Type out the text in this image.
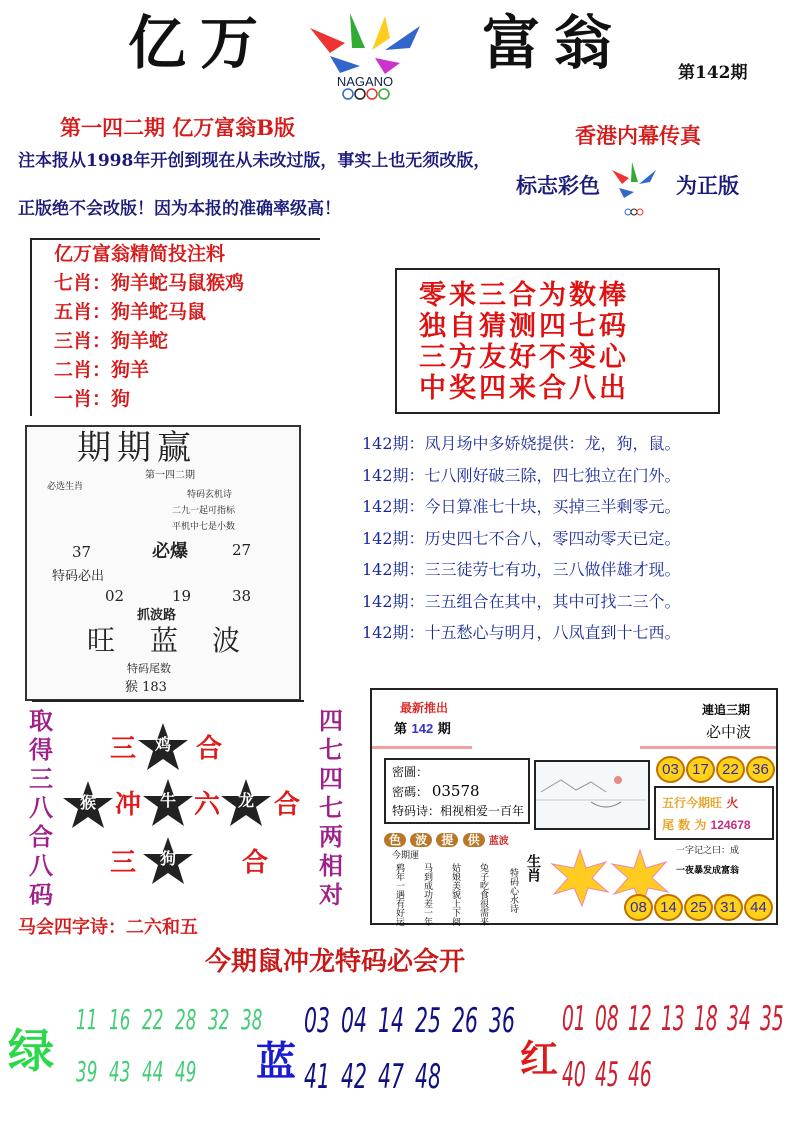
亿万
NAGANO
富翁	第142期
第一四二期 亿万富翁B版
注本报从1998年开创到现在从未改过版，事实上也无须改版，
正版绝不会改版！因为本报的准确率级高！
香港内幕传真
标志彩色	为正版
亿万富翁精简投注料
七肖：狗羊蛇马鼠猴鸡
五肖：狗羊蛇马鼠
三肖：狗羊蛇
二肖：狗羊
一肖：狗
零来三合为数棒
独自猜测四七码
三方友好不变心
中奖四来合八出
期期赢
第一四二期
必选生肖
特码玄机诗
二九一起可指标
平机中七是小数
37	必爆	27
特码必出
02	19	38
抓波路
旺 蓝 波
特码尾数
猴 183
142期：凤月场中多娇娆提供：龙，狗，鼠。
142期：七八刚好破三除，四七独立在门外。
142期：今日算准七十块，买掉三半剩零元。
142期：历史四七不合八，零四动零天已定。
142期：三三徒劳七有功，三八做伴雄才现。
142期：三五组合在其中，其中可找二三个。
142期：十五愁心与明月，八凤直到十七西。
取
得
三
八
合
八
码
四
七
四
七
两
相
对
鸡
猴	牛	龙
狗
三 合
冲 六 合
三	合
马会四字诗：二六和五
最新推出
第 142 期
連追三期
必中波
密圖：
密碼： 03578
特码诗：相视相爱一百年
03 17 22 36
五行今期旺 火
尾 数 为 124678
色 波 提 供 蓝波
今期運
鸦年一遇有好运 马到成功差一年 姑娘美貌上下阅 兔子吃食很需来 特码心水诗 生肖
一字记之曰：成
一夜暴发成富翁
08 14 25 31 44
今期鼠冲龙特码必会开
绿
11 16 22 28 32 38
39 43 44 49 蓝
03 04 14 25 26 36
41 42 47 48 红
01 08 12 13 18 34 35
40 45 46
